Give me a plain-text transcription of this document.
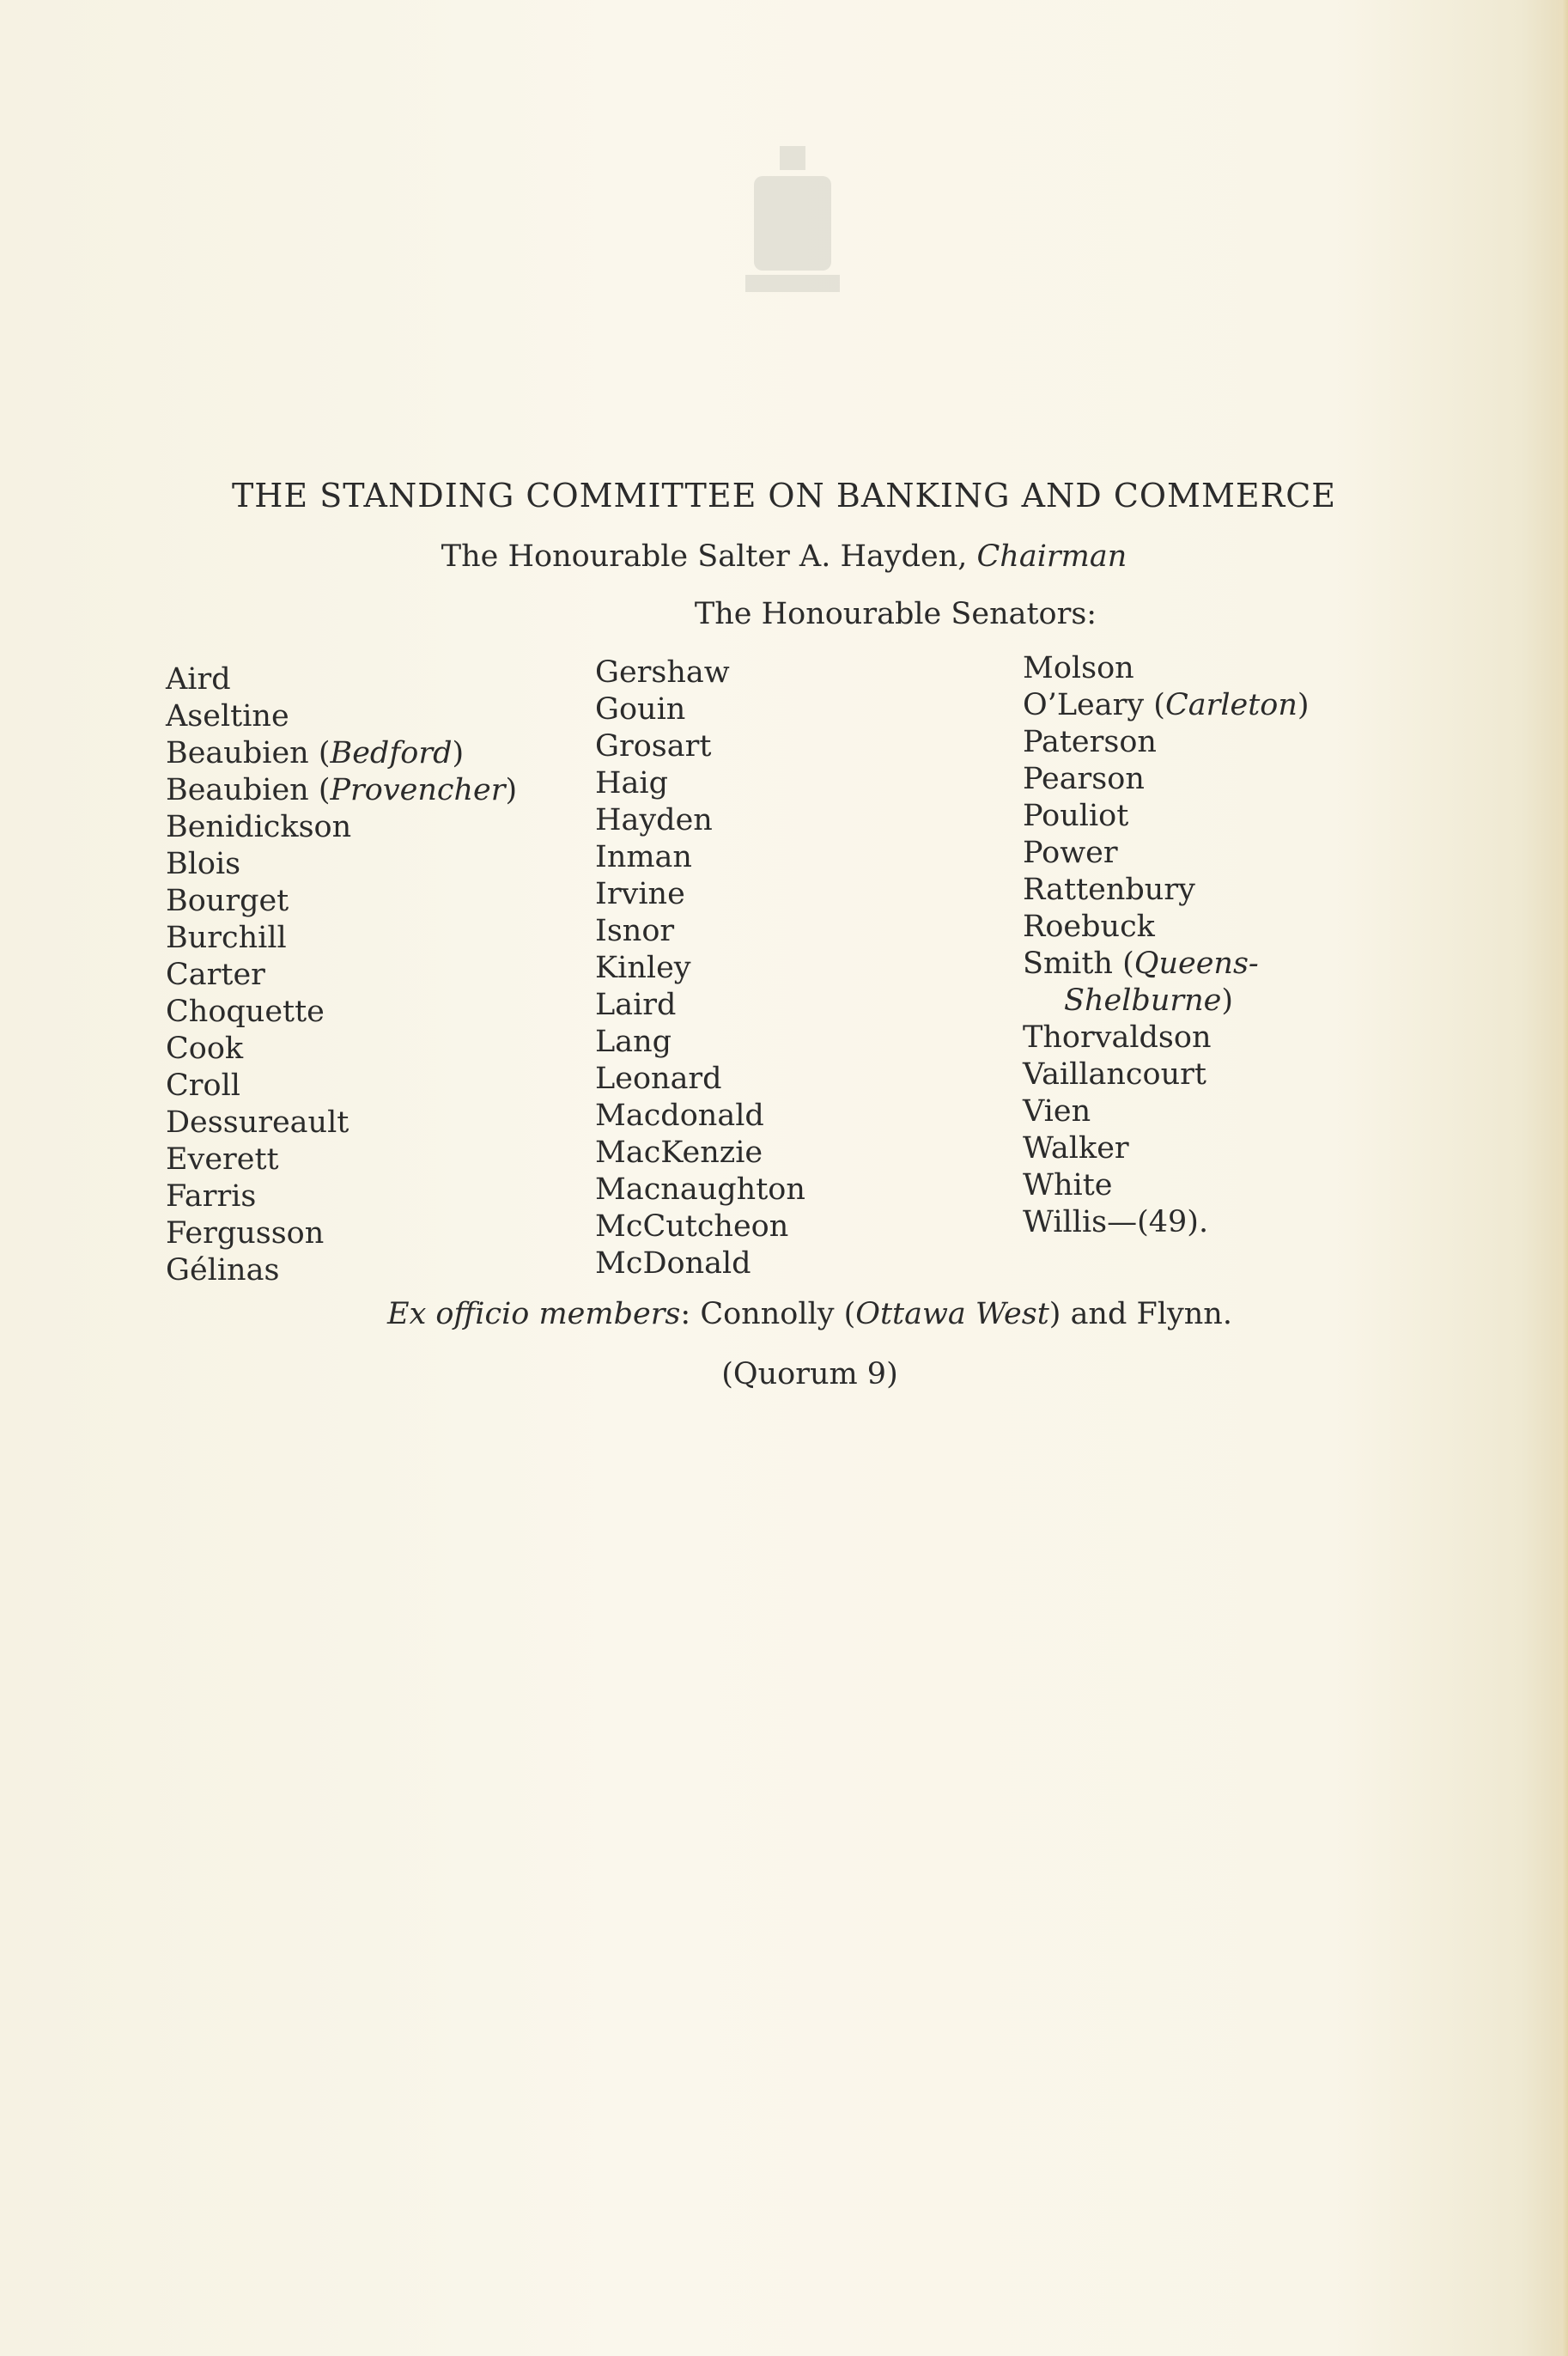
THE STANDING COMMITTEE ON BANKING AND COMMERCE
The Honourable Salter A. Hayden, Chairman
The Honourable Senators:
Aird
Aseltine
Beaubien (Bedford)
Beaubien (Provencher)
Benidickson
Blois
Bourget
Burchill
Carter
Choquette
Cook
Croll
Dessureault
Everett
Farris
Fergusson
Gélinas
Gershaw
Gouin
Grosart
Haig
Hayden
Inman
Irvine
Isnor
Kinley
Laird
Lang
Leonard
Macdonald
MacKenzie
Macnaughton
McCutcheon
McDonald
Molson
O’Leary (Carleton)
Paterson
Pearson
Pouliot
Power
Rattenbury
Roebuck
Smith (Queens-
Shelburne)
Thorvaldson
Vaillancourt
Vien
Walker
White
Willis—(49).
Ex officio members: Connolly (Ottawa West) and Flynn.
(Quorum 9)
